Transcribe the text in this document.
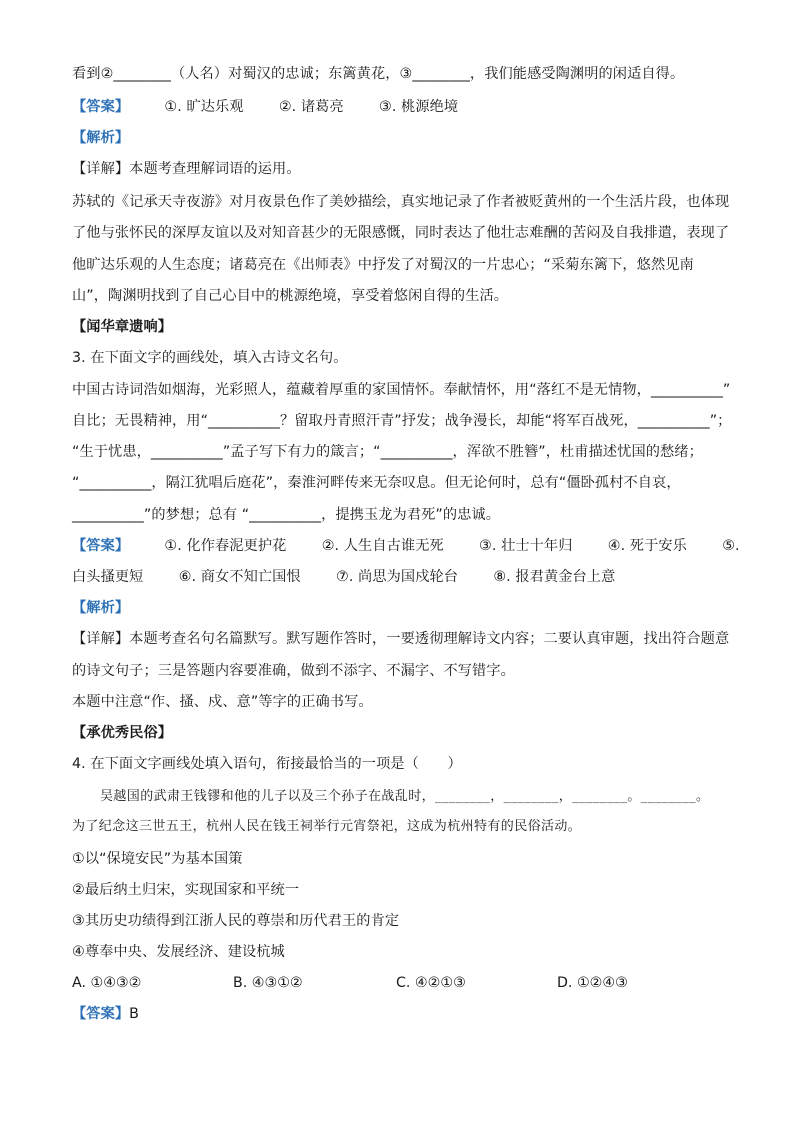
看到②________（人名）对蜀汉的忠诚；东篱黄花，③________，我们能感受陶渊明的闲适自得。
【答案】 ①. 旷达乐观 ②. 诸葛亮 ③. 桃源绝境
【解析】
【详解】本题考查理解词语的运用。
苏轼的《记承天寺夜游》对月夜景色作了美妙描绘，真实地记录了作者被贬黄州的一个生活片段，也体现
了他与张怀民的深厚友谊以及对知音甚少的无限感慨，同时表达了他壮志难酬的苦闷及自我排遣，表现了
他旷达乐观的人生态度；诸葛亮在《出师表》中抒发了对蜀汉的一片忠心；“采菊东篱下，悠然见南
山”，陶渊明找到了自己心目中的桃源绝境，享受着悠闲自得的生活。
【闻华章遗响】
3. 在下面文字的画线处，填入古诗文名句。
中国古诗词浩如烟海，光彩照人，蕴藏着厚重的家国情怀。奉献情怀，用“落红不是无情物，__________”
自比；无畏精神，用“__________？留取丹青照汗青”抒发；战争漫长，却能“将军百战死，__________”；
“生于忧患，__________”孟子写下有力的箴言；“__________，浑欲不胜簪”，杜甫描述忧国的愁绪；
“__________，隔江犹唱后庭花”，秦淮河畔传来无奈叹息。但无论何时，总有“僵卧孤村不自哀，
__________”的梦想；总有 “__________，提携玉龙为君死”的忠诚。
【答案】 ①. 化作春泥更护花 ②. 人生自古谁无死 ③. 壮士十年归 ④. 死于安乐 ⑤.
白头搔更短 ⑥. 商女不知亡国恨 ⑦. 尚思为国戍轮台 ⑧. 报君黄金台上意
【解析】
【详解】本题考查名句名篇默写。默写题作答时，一要透彻理解诗文内容；二要认真审题，找出符合题意
的诗文句子；三是答题内容要准确，做到不添字、不漏字、不写错字。
本题中注意“作、搔、戍、意”等字的正确书写。
【承优秀民俗】
4. 在下面文字画线处填入语句，衔接最恰当的一项是（　　）
吴越国的武肃王钱镠和他的儿子以及三个孙子在战乱时，________，________，________。________。
为了纪念这三世五王，杭州人民在钱王祠举行元宵祭祀，这成为杭州特有的民俗活动。
①以“保境安民”为基本国策
②最后纳土归宋，实现国家和平统一
③其历史功绩得到江浙人民的尊崇和历代君王的肯定
④尊奉中央、发展经济、建设杭城
A. ①④③②	B. ④③①②	C. ④②①③	D. ①②④③
【答案】B
